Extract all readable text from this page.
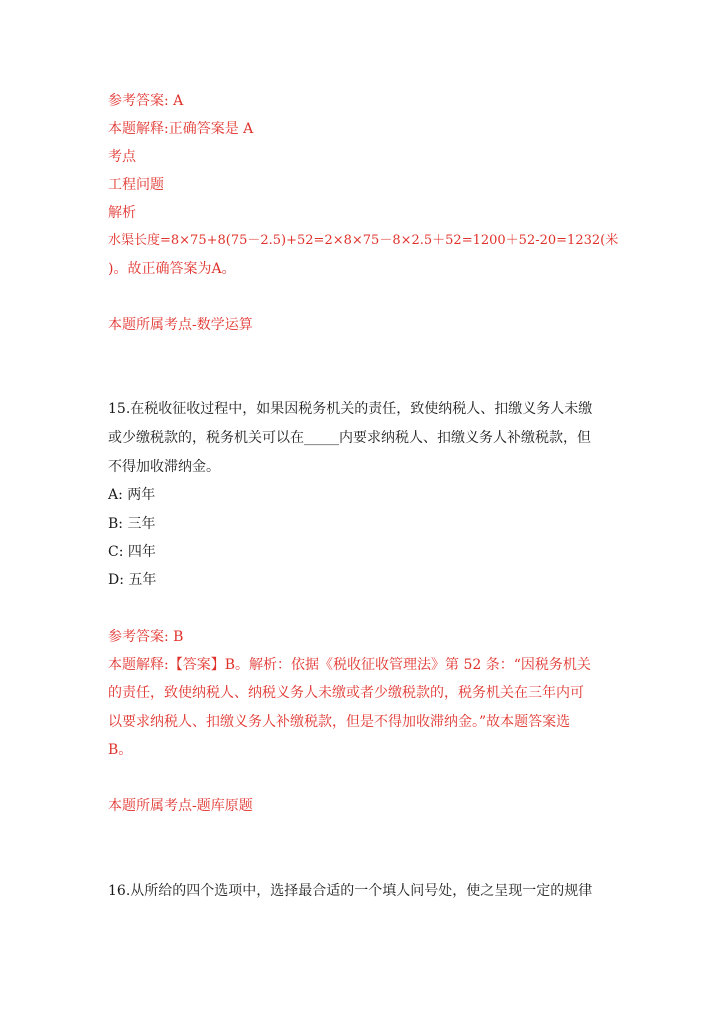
参考答案: A
本题解释:正确答案是 A
考点
工程问题
解析
水渠长度=8×75+8(75－2.5)+52=2×8×75－8×2.5＋52=1200＋52-20=1232(米
)。故正确答案为A。
本题所属考点-数学运算
15.在税收征收过程中，如果因税务机关的责任，致使纳税人、扣缴义务人未缴
或少缴税款的，税务机关可以在_____内要求纳税人、扣缴义务人补缴税款，但
不得加收滞纳金。
A: 两年
B: 三年
C: 四年
D: 五年
参考答案: B
本题解释:【答案】B。解析：依据《税收征收管理法》第 52 条：“因税务机关
的责任，致使纳税人、纳税义务人未缴或者少缴税款的，税务机关在三年内可
以要求纳税人、扣缴义务人补缴税款，但是不得加收滞纳金。”故本题答案选
B。
本题所属考点-题库原题
16.从所给的四个选项中，选择最合适的一个填人问号处，使之呈现一定的规律
